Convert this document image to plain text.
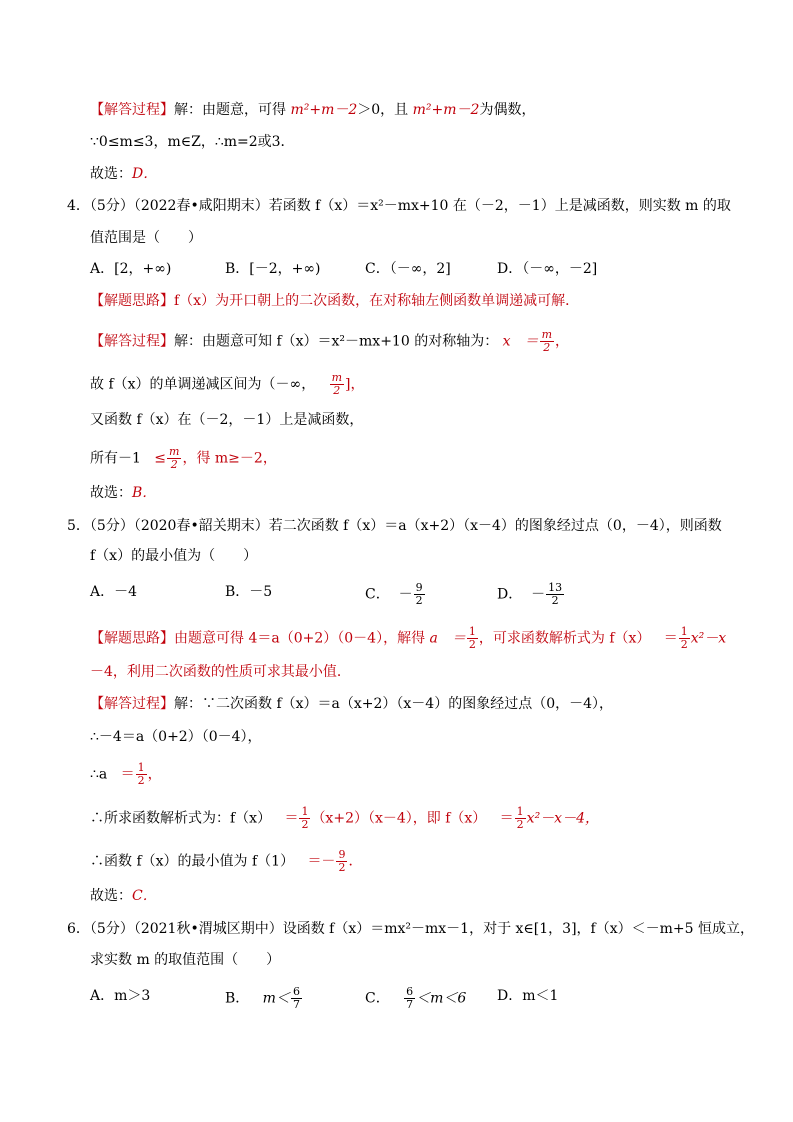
【解答过程】解：由题意，可得 m²+m－2＞0，且 m²+m－2为偶数，
∵0≤m≤3，m∈Z，∴m=2或3．
故选：D．
4．（5分）（2022春•咸阳期末）若函数 f（x）＝x²－mx+10 在（－2，－1）上是减函数，则实数 m 的取
值范围是（　　）
A．[2，+∞)	B．[－2，+∞)	C．（－∞，2]	D．（－∞，－2]
【解题思路】f（x）为开口朝上的二次函数，在对称轴左侧函数单调递减可解．
【解答过程】解：由题意可知 f（x）＝x²－mx+10 的对称轴为： x　＝ $\frac{m}{2}$ ，
故 f（x）的单调递减区间为（－∞， $\frac{m}{2}$ ]，
又函数 f（x）在（－2，－1）上是减函数，
所有$-1 \le \frac{m}{2}$ ，得 m≥－2，
故选：B．
5．（5分）（2020春•韶关期末）若二次函数 f（x）＝a（x+2）（x－4）的图象经过点（0，－4），则函数
f（x）的最小值为（　　）
A．－4	B．－5	C． － $\frac{9}{2}$	D． － $\frac{13}{2}$
【解题思路】由题意可得 4＝a（0+2）（0－4），解得 a　＝ $\frac{1}{2}$ ，可求函数解析式为 $f(x) = \frac{1}{2} x^2-x$
－4，利用二次函数的性质可求其最小值．
【解答过程】解：∵二次函数 f（x）＝a（x+2）（x－4）的图象经过点（0，－4），
∴－4＝a（0+2）（0－4），
∴a ＝ $\frac{1}{2}$ ，
∴所求函数解析式为：$f(x) = \frac{1}{2} (x+2)(x-4)$，即 $f(x) = \frac{1}{2} x^2-x-4$，
∴函数 f（x）的最小值为 $f(1) =- \frac{9}{2}$ ．
故选：C．
6．（5分）（2021秋•渭城区期中）设函数 f（x）＝mx²－mx－1，对于 x∈[1，3]，f（x）＜－m+5 恒成立，
求实数 m 的取值范围（　　）
A．m＞3	B． $m< \frac{6}{7}$	C． $\frac{6}{7} <m<6$ D．m＜1
